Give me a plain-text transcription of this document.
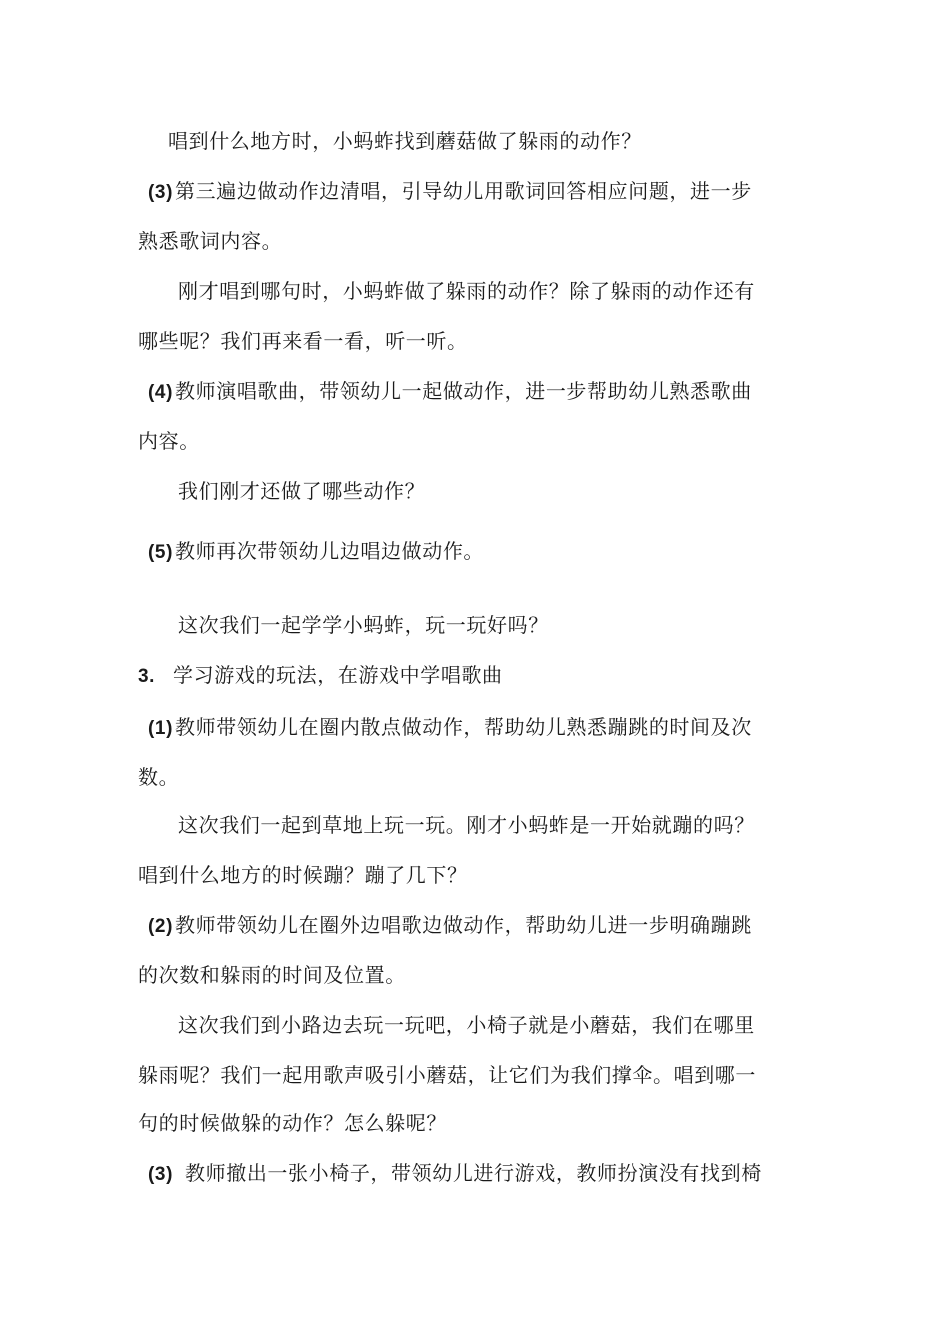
唱到什么地方时，小蚂蚱找到蘑菇做了躲雨的动作？
(3) 第三遍边做动作边清唱，引导幼儿用歌词回答相应问题，进一步
熟悉歌词内容。
刚才唱到哪句时，小蚂蚱做了躲雨的动作？除了躲雨的动作还有
哪些呢？我们再来看一看，听一听。
(4) 教师演唱歌曲，带领幼儿一起做动作，进一步帮助幼儿熟悉歌曲
内容。
我们刚才还做了哪些动作？
(5) 教师再次带领幼儿边唱边做动作。
这次我们一起学学小蚂蚱，玩一玩好吗？
3. 学习游戏的玩法，在游戏中学唱歌曲
(1) 教师带领幼儿在圈内散点做动作，帮助幼儿熟悉蹦跳的时间及次
数。
这次我们一起到草地上玩一玩。刚才小蚂蚱是一开始就蹦的吗？
唱到什么地方的时候蹦？蹦了几下？
(2) 教师带领幼儿在圈外边唱歌边做动作，帮助幼儿进一步明确蹦跳
的次数和躲雨的时间及位置。
这次我们到小路边去玩一玩吧，小椅子就是小蘑菇，我们在哪里
躲雨呢？我们一起用歌声吸引小蘑菇，让它们为我们撑伞。唱到哪一
句的时候做躲的动作？怎么躲呢？
(3) 教师撤出一张小椅子，带领幼儿进行游戏，教师扮演没有找到椅
